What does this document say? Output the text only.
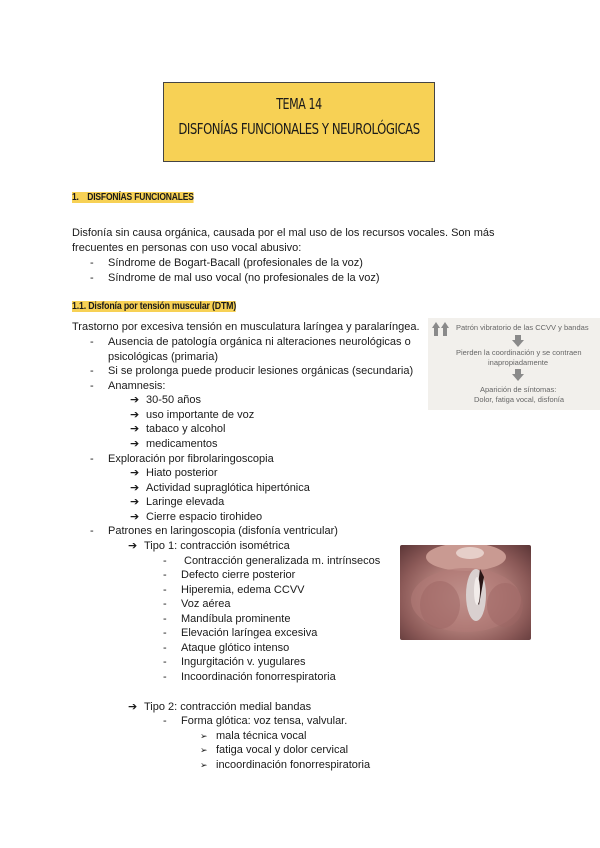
TEMA 14
DISFONÍAS FUNCIONALES Y NEUROLÓGICAS
1. DISFONÍAS FUNCIONALES
Disfonía sin causa orgánica, causada por el mal uso de los recursos vocales. Son más
frecuentes en personas con uso vocal abusivo:
- Síndrome de Bogart-Bacall (profesionales de la voz)
- Síndrome de mal uso vocal (no profesionales de la voz)
1.1. Disfonía por tensión muscular (DTM)
Trastorno por excesiva tensión en musculatura laríngea y paralaríngea.
- Ausencia de patología orgánica ni alteraciones neurológicas o
psicológicas (primaria)
- Si se prolonga puede producir lesiones orgánicas (secundaria)
- Anamnesis:
➔ 30-50 años
➔ uso importante de voz
➔ tabaco y alcohol
➔ medicamentos
- Exploración por fibrolaringoscopia
➔ Hiato posterior
➔ Actividad supraglótica hipertónica
➔ Laringe elevada
➔ Cierre espacio tirohideo
- Patrones en laringoscopia (disfonía ventricular)
➔ Tipo 1: contracción isométrica
- Contracción generalizada m. intrínsecos
- Defecto cierre posterior
- Hiperemia, edema CCVV
- Voz aérea
- Mandíbula prominente
- Elevación laríngea excesiva
- Ataque glótico intenso
- Ingurgitación v. yugulares
- Incoordinación fonorrespiratoria
➔ Tipo 2: contracción medial bandas
- Forma glótica: voz tensa, valvular.
➢ mala técnica vocal
➢ fatiga vocal y dolor cervical
➢ incoordinación fonorrespiratoria
Patrón vibratorio de las CCVV y bandas
Pierden la coordinación y se contraen
inapropiadamente
Aparición de síntomas:
Dolor, fatiga vocal, disfonía
